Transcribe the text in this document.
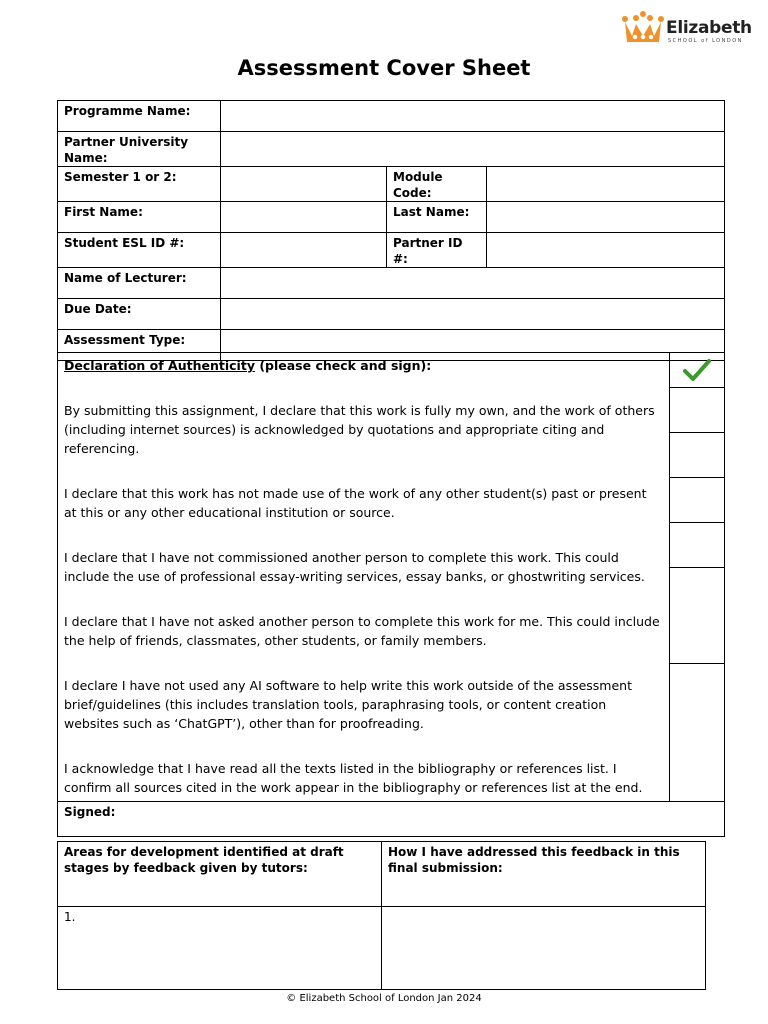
Elizabeth
SCHOOL of LONDON
Assessment Cover Sheet
Programme Name:			
Partner University Name:			
Semester 1 or 2:		Module Code:	
First Name:		Last Name:	
Student ESL ID #:		Partner ID #:	
Name of Lecturer:			
Due Date:			
Assessment Type:			
Declaration of Authenticity (please check and sign):

By submitting this assignment, I declare that this work is fully my own, and the work of others (including internet sources) is acknowledged by quotations and appropriate citing and referencing.

I declare that this work has not made use of the work of any other student(s) past or present at this or any other educational institution or source.

I declare that I have not commissioned another person to complete this work. This could include the use of professional essay-writing services, essay banks, or ghostwriting services.

I declare that I have not asked another person to complete this work for me. This could include the help of friends, classmates, other students, or family members.

I declare I have not used any AI software to help write this work outside of the assessment brief/guidelines (this includes translation tools, paraphrasing tools, or content creation websites such as ‘ChatGPT’), other than for proofreading.

I acknowledge that I have read all the texts listed in the bibliography or references list. I confirm all sources cited in the work appear in the bibliography or references list at the end.

Signed:
Areas for development identified at draft stages by feedback given by tutors:	How I have addressed this feedback in this final submission:
1.	
© Elizabeth School of London Jan 2024
